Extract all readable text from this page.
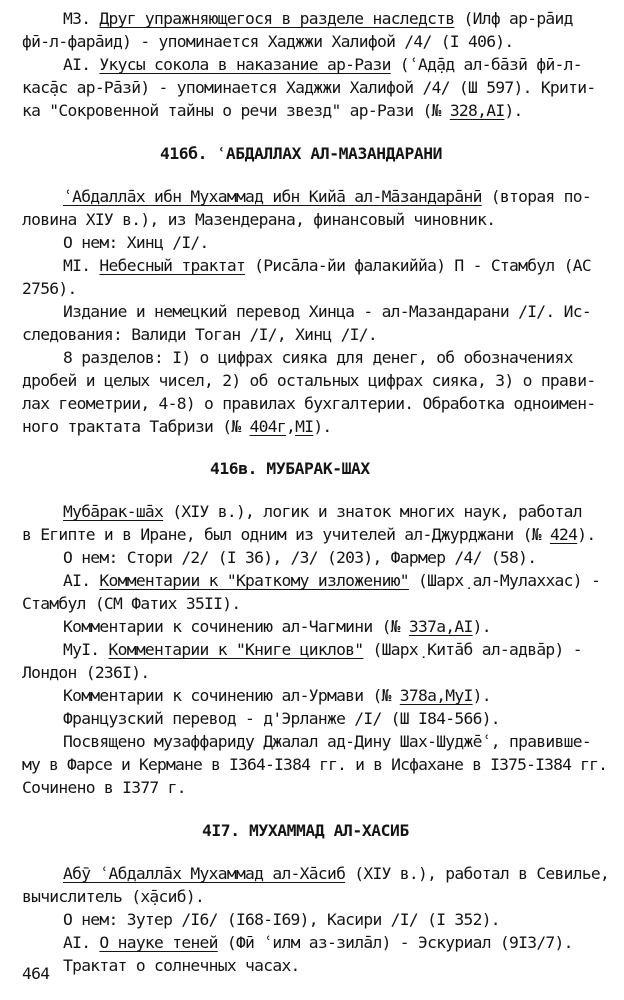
МЗ. Друг упражняющегося в разделе наследств (Илф ар-ра̄ид
фӣ-л-фара̄ид) - упоминается Хаджжи Халифой /4/ (I 406).
AI. Укусы сокола в наказание ар-Рази (ʿАд̣а̄д ал-ба̄зӣ фӣ-л-
кас̣а̄с ар-Ра̄зӣ) - упоминается Хаджжи Халифой /4/ (Ш 597). Крити-
ка "Сокровенной тайны о речи звезд" ар-Рази (№ 328,AI).
416б. ʿАБДАЛЛАХ АЛ-МАЗАНДАРАНИ
ʿАбдалла̄х ибн Мухаммад ибн Кийа̄ ал-Ма̄зандара̄нӣ (вторая по-
ловина XIУ в.), из Мазендерана, финансовый чиновник.
О нем: Хинц /I/.
МI. Небесный трактат (Риса̄ла-йи фалакиййа) П - Стамбул (АС
2756).
Издание и немецкий перевод Хинца - ал-Мазандарани /I/. Ис-
следования: Валиди Тоган /I/, Хинц /I/.
8 разделов: I) о цифрах сияка для денег, об обозначениях
дробей и целых чисел, 2) об остальных цифрах сияка, 3) о прави-
лах геометрии, 4-8) о правилах бухгалтерии. Обработка одноимен-
ного трактата Табризи (№ 404г,МI).
416в. МУБАРАК-ШАХ
Муба̄рак-ша̄х (XIУ в.), логик и знаток многих наук, работал
в Египте и в Иране, был одним из учителей ал-Джурджани (№ 424).
О нем: Стори /2/ (I 36), /3/ (203), Фармер /4/ (58).
AI. Комментарии к "Краткому изложению" (Шарх̣ ал-Мулаххас) -
Стамбул (СМ Фатих 35II).
Комментарии к сочинению ал-Чагмини (№ 337а,AI).
МуI. Комментарии к "Книге циклов" (Шарх̣ Кита̄б ал-адва̄р) -
Лондон (236I).
Комментарии к сочинению ал-Урмави (№ 378а,МуI).
Французский перевод - д'Эрланже /I/ (Ш I84-566).
Посвящено музаффариду Джалал ад-Дину Шах-Шудже̄ʿ, правивше-
му в Фарсе и Кермане в I364-I384 гг. и в Исфахане в I375-I384 гг.
Сочинено в I377 г.
4I7. МУХАММАД АЛ-ХАСИБ
Абӯ ʿАбдалла̄х Мухаммад ал-Ха̄сиб (XIУ в.), работал в Севилье,
вычислитель (х̣а̄сиб).
О нем: Зутер /I6/ (I68-I69), Касири /I/ (I 352).
AI. О науке теней (Фӣ ʿилм аз-зила̄л) - Эскуриал (9I3/7).
Трактат о солнечных часах.
464
